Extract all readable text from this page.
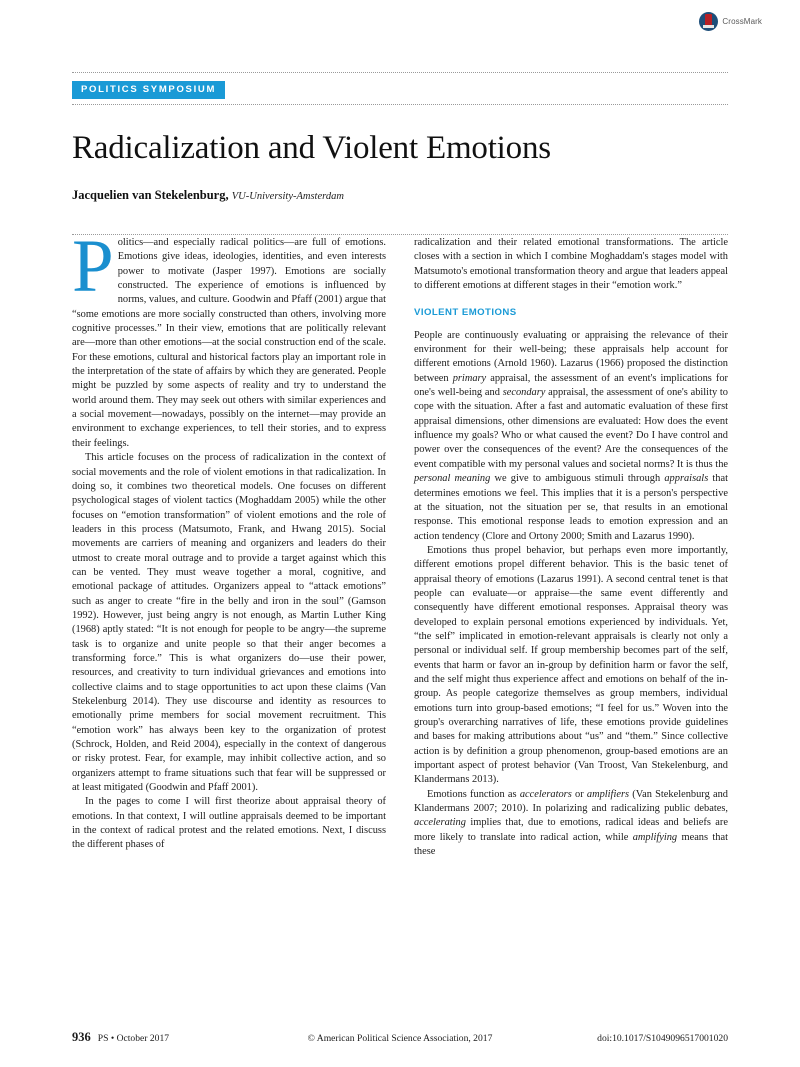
CrossMark
POLITICS SYMPOSIUM
Radicalization and Violent Emotions
Jacquelien van Stekelenburg, VU-University-Amsterdam

Politics—and especially radical politics—are full of emotions. Emotions give ideas, ideologies, identities, and even interests power to motivate (Jasper 1997). Emotions are socially constructed. The experience of emotions is influenced by norms, values, and culture. Goodwin and Pfaff (2001) argue that “some emotions are more socially constructed than others, involving more cognitive processes.” In their view, emotions that are politically relevant are—more than other emotions—at the social construction end of the scale. For these emotions, cultural and historical factors play an important role in the interpretation of the state of affairs by which they are generated. People might be puzzled by some aspects of reality and try to understand the world around them. They may seek out others with similar experiences and a social movement—nowadays, possibly on the internet—may provide an environment to exchange experiences, to tell their stories, and to express their feelings.

This article focuses on the process of radicalization in the context of social movements and the role of violent emotions in that radicalization. In doing so, it combines two theoretical models. One focuses on different psychological stages of violent tactics (Moghaddam 2005) while the other focuses on “emotion transformation” of violent emotions and the role of leaders in this process (Matsumoto, Frank, and Hwang 2015). Social movements are carriers of meaning and organizers and leaders do their utmost to create moral outrage and to provide a target against which this can be vented. They must weave together a moral, cognitive, and emotional package of attitudes. Organizers appeal to “attack emotions” such as anger to create “fire in the belly and iron in the soul” (Gamson 1992). However, just being angry is not enough, as Martin Luther King (1968) aptly stated: “It is not enough for people to be angry—the supreme task is to organize and unite people so that their anger becomes a transforming force.” This is what organizers do—use their power, resources, and creativity to turn individual grievances and emotions into collective claims and to stage opportunities to act upon these claims (Van Stekelenburg 2014). They use discourse and identity as resources to emotionally prime members for social movement recruitment. This “emotion work” has always been key to the organization of protest (Schrock, Holden, and Reid 2004), especially in the context of dangerous or risky protest. Fear, for example, may inhibit collective action, and so organizers attempt to frame situations such that fear will be suppressed or at least mitigated (Goodwin and Pfaff 2001).

In the pages to come I will first theorize about appraisal theory of emotions. In that context, I will outline appraisals deemed to be important in the context of radical protest and the related emotions. Next, I discuss the different phases of

radicalization and their related emotional transformations. The article closes with a section in which I combine Moghaddam's stages model with Matsumoto's emotional transformation theory and argue that leaders appeal to different emotions at different stages in their “emotion work.”

VIOLENT EMOTIONS

People are continuously evaluating or appraising the relevance of their environment for their well-being; these appraisals help account for different emotions (Arnold 1960). Lazarus (1966) proposed the distinction between primary appraisal, the assessment of an event's implications for one's well-being and secondary appraisal, the assessment of one's ability to cope with the situation. After a fast and automatic evaluation of these first appraisal dimensions, other dimensions are evaluated: How does the event influence my goals? Who or what caused the event? Do I have control and power over the consequences of the event? Are the consequences of the event compatible with my personal values and societal norms? It is thus the personal meaning we give to ambiguous stimuli through appraisals that determines emotions we feel. This implies that it is a person's perspective at the situation, not the situation per se, that results in an emotional response. This emotional response leads to emotion expression and an action tendency (Clore and Ortony 2000; Smith and Lazarus 1990).

Emotions thus propel behavior, but perhaps even more importantly, different emotions propel different behavior. This is the basic tenet of appraisal theory of emotions (Lazarus 1991). A second central tenet is that people can evaluate—or appraise—the same event differently and consequently have different emotional responses. Appraisal theory was developed to explain personal emotions experienced by individuals. Yet, “the self” implicated in emotion-relevant appraisals is clearly not only a personal or individual self. If group membership becomes part of the self, events that harm or favor an in-group by definition harm or favor the self, and the self might thus experience affect and emotions on behalf of the in-group. As people categorize themselves as group members, individual emotions turn into group-based emotions; “I feel for us.” Woven into the group's overarching narratives of life, these emotions provide guidelines and bases for making attributions about “us” and “them.” Since collective action is by definition a group phenomenon, group-based emotions are an important aspect of protest behavior (Van Troost, Van Stekelenburg, and Klandermans 2013).

Emotions function as accelerators or amplifiers (Van Stekelenburg and Klandermans 2007; 2010). In polarizing and radicalizing public debates, accelerating implies that, due to emotions, radical ideas and beliefs are more likely to translate into radical action, while amplifying means that these

936 PS • October 2017	© American Political Science Association, 2017	doi:10.1017/S1049096517001020
